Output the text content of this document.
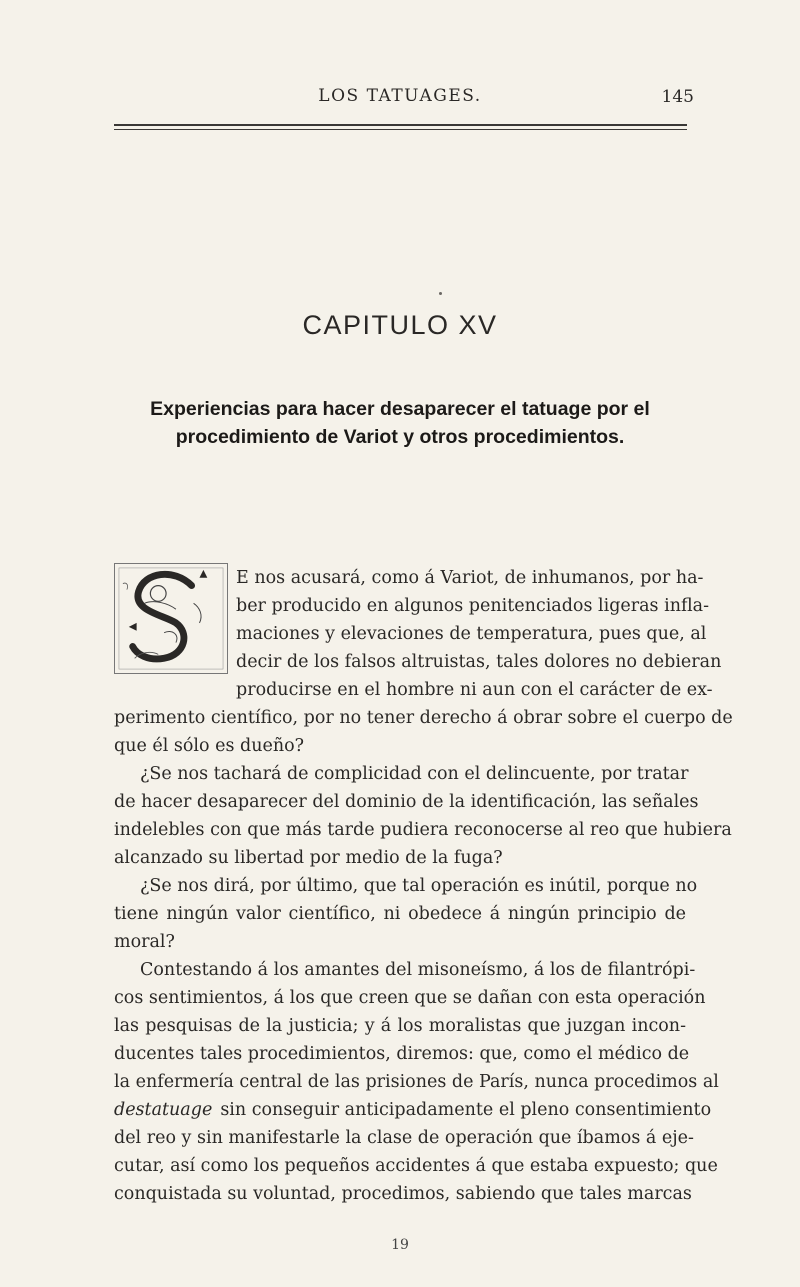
LOS TATUAGES.	145
CAPITULO XV
Experiencias para hacer desaparecer el tatuage por el
procedimiento de Variot y otros procedimientos.
S
E nos acusará, como á Variot, de inhumanos, por ha-
ber producido en algunos penitenciados ligeras infla-
maciones y elevaciones de temperatura, pues que, al
decir de los falsos altruistas, tales dolores no debieran
producirse en el hombre ni aun con el carácter de ex-
perimento científico, por no tener derecho á obrar sobre el cuerpo de
que él sólo es dueño?
¿Se nos tachará de complicidad con el delincuente, por tratar
de hacer desaparecer del dominio de la identificación, las señales
indelebles con que más tarde pudiera reconocerse al reo que hubiera
alcanzado su libertad por medio de la fuga?
¿Se nos dirá, por último, que tal operación es inútil, porque no
tiene ningún valor científico, ni obedece á ningún principio de
moral?
Contestando á los amantes del misoneísmo, á los de filantrópi-
cos sentimientos, á los que creen que se dañan con esta operación
las pesquisas de la justicia; y á los moralistas que juzgan incon-
ducentes tales procedimientos, diremos: que, como el médico de
la enfermería central de las prisiones de París, nunca procedimos al
destatuage sin conseguir anticipadamente el pleno consentimiento
del reo y sin manifestarle la clase de operación que íbamos á eje-
cutar, así como los pequeños accidentes á que estaba expuesto; que
conquistada su voluntad, procedimos, sabiendo que tales marcas
19
